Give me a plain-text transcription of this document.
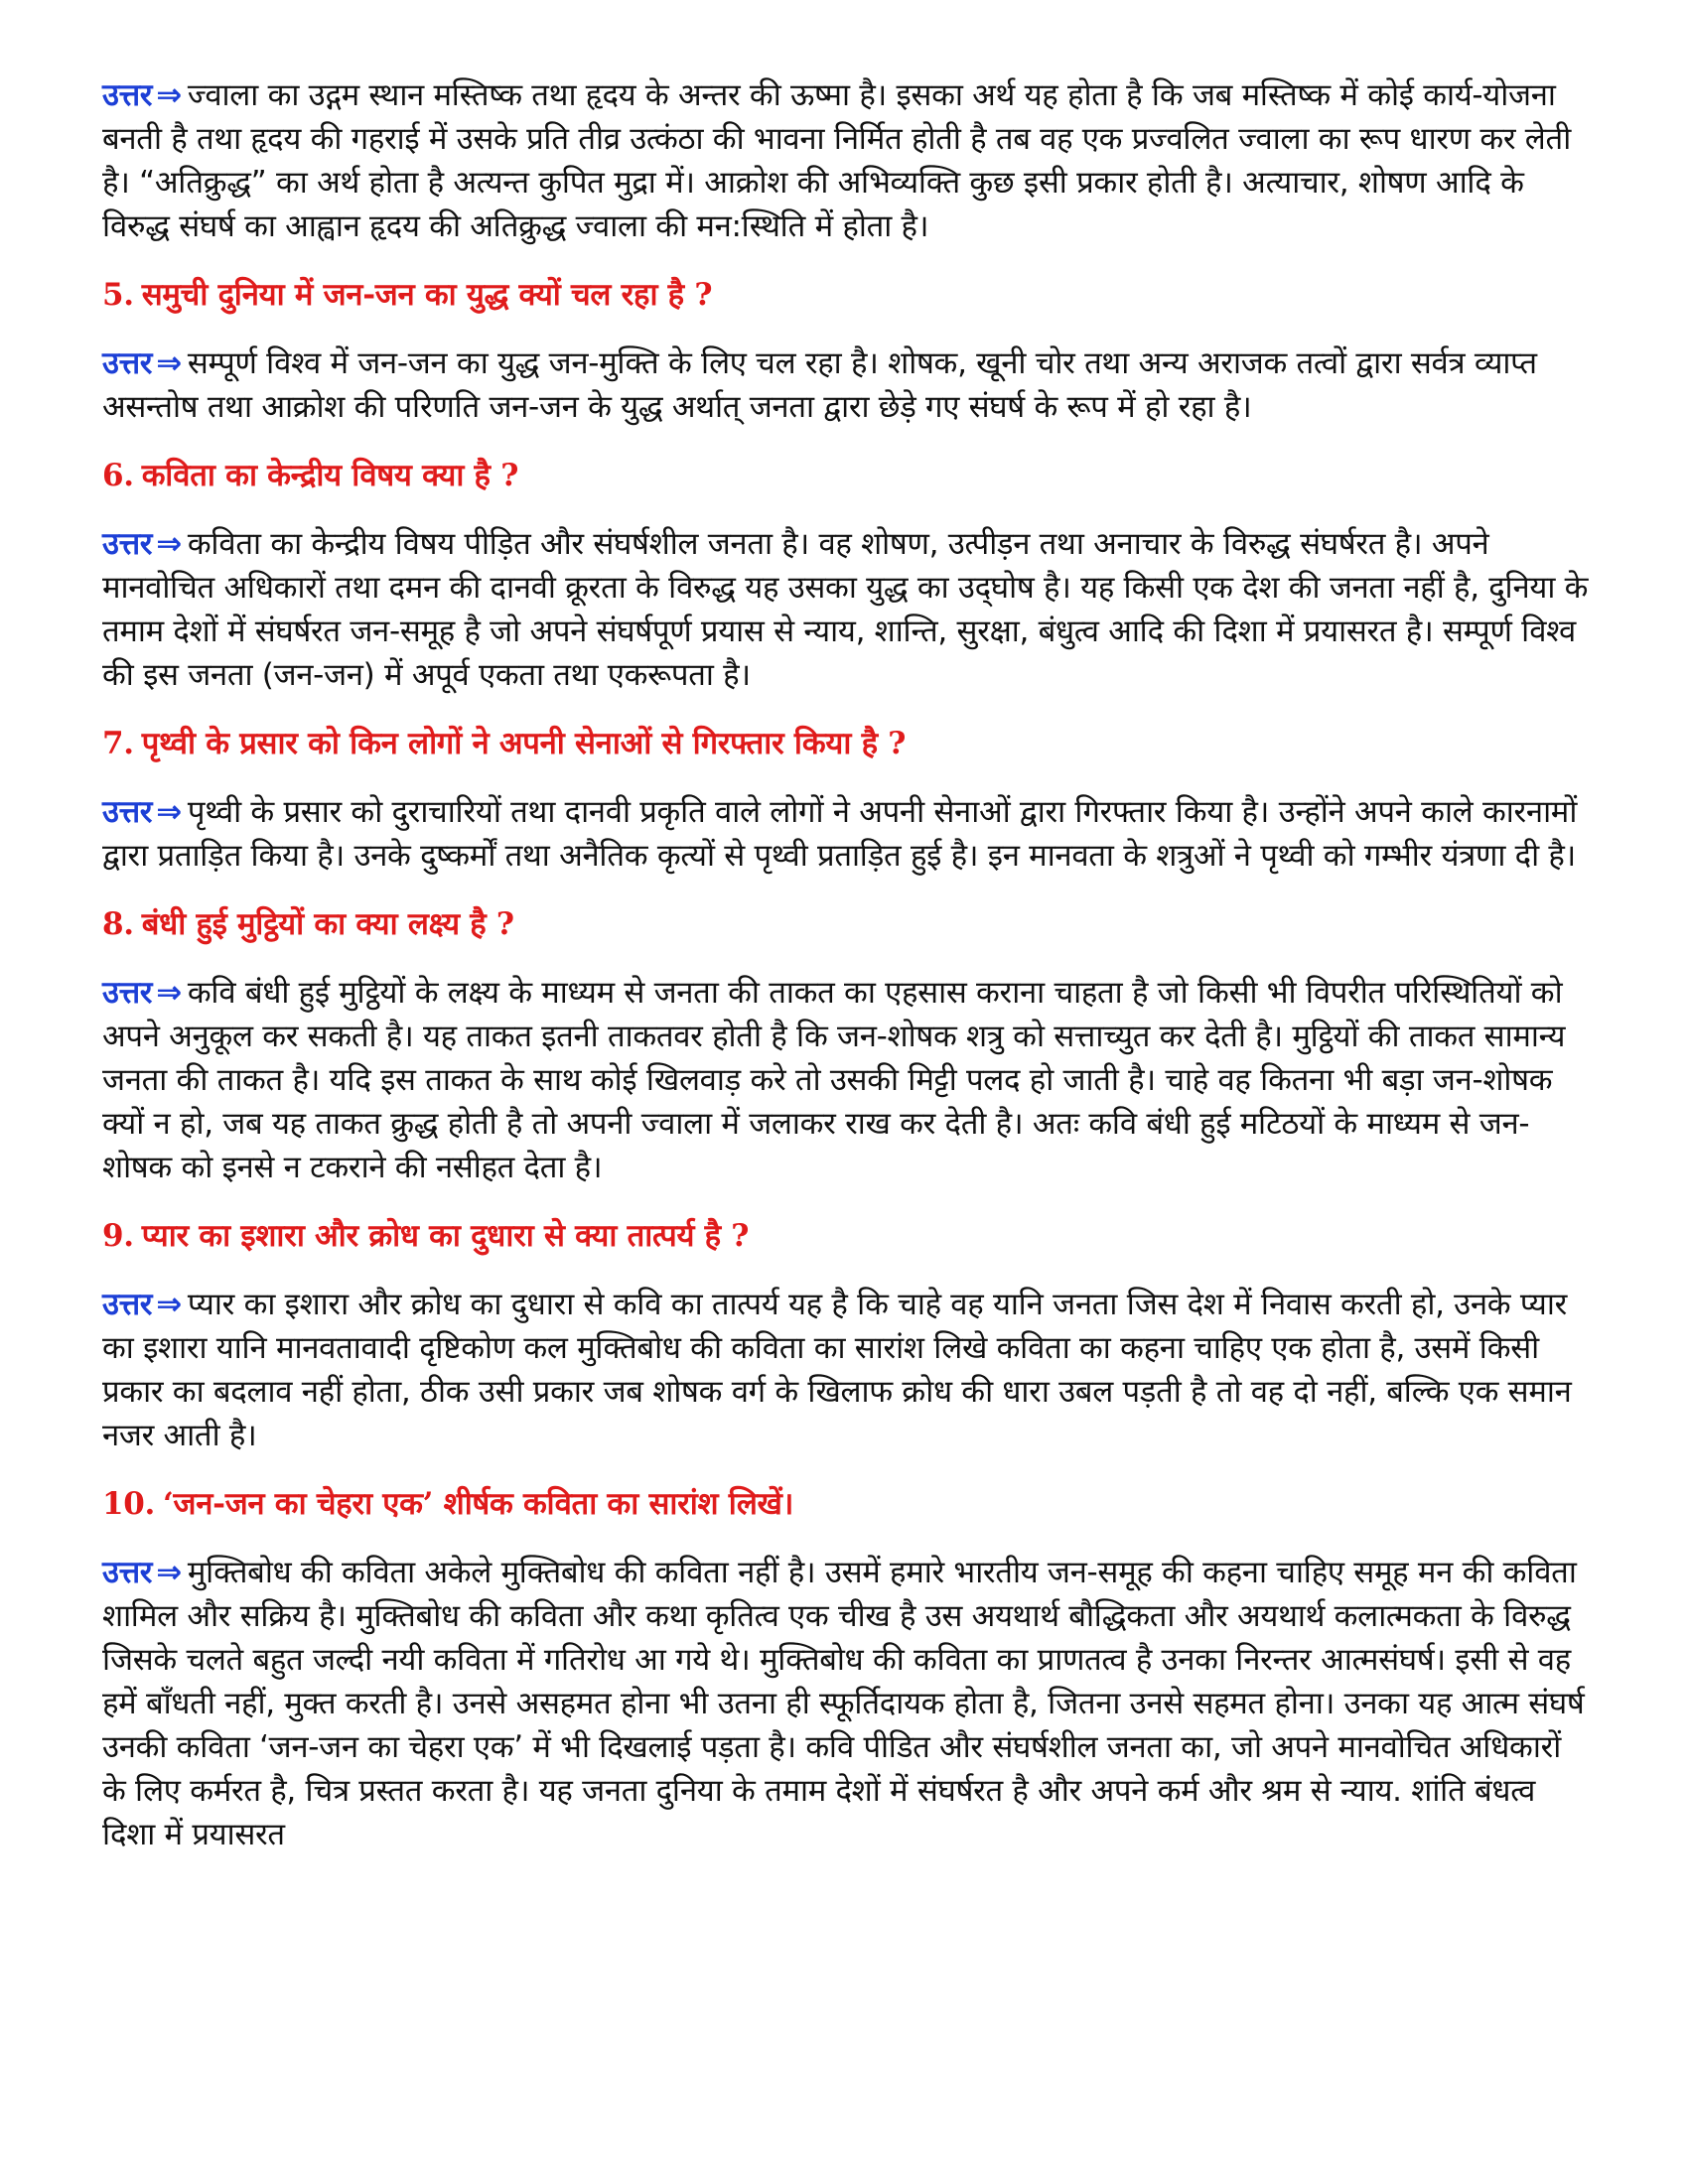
उत्तर ⇒ ज्वाला का उद्गम स्थान मस्तिष्क तथा हृदय के अन्तर की ऊष्मा है। इसका अर्थ यह होता है कि जब मस्तिष्क में कोई कार्य-योजना बनती है तथा हृदय की गहराई में उसके प्रति तीव्र उत्कंठा की भावना निर्मित होती है तब वह एक प्रज्वलित ज्वाला का रूप धारण कर लेती है। “अतिक्रुद्ध” का अर्थ होता है अत्यन्त कुपित मुद्रा में। आक्रोश की अभिव्यक्ति कुछ इसी प्रकार होती है। अत्याचार, शोषण आदि के विरुद्ध संघर्ष का आह्वान हृदय की अतिक्रुद्ध ज्वाला की मन:स्थिति में होता है।

5. समुची दुनिया में जन-जन का युद्ध क्यों चल रहा है ?

उत्तर ⇒ सम्पूर्ण विश्व में जन-जन का युद्ध जन-मुक्ति के लिए चल रहा है। शोषक, खूनी चोर तथा अन्य अराजक तत्वों द्वारा सर्वत्र व्याप्त असन्तोष तथा आक्रोश की परिणति जन-जन के युद्ध अर्थात् जनता द्वारा छेड़े गए संघर्ष के रूप में हो रहा है।

6. कविता का केन्द्रीय विषय क्या है ?

उत्तर ⇒ कविता का केन्द्रीय विषय पीड़ित और संघर्षशील जनता है। वह शोषण, उत्पीड़न तथा अनाचार के विरुद्ध संघर्षरत है। अपने मानवोचित अधिकारों तथा दमन की दानवी क्रूरता के विरुद्ध यह उसका युद्ध का उद्‌घोष है। यह किसी एक देश की जनता नहीं है, दुनिया के तमाम देशों में संघर्षरत जन-समूह है जो अपने संघर्षपूर्ण प्रयास से न्याय, शान्ति, सुरक्षा, बंधुत्व आदि की दिशा में प्रयासरत है। सम्पूर्ण विश्व की इस जनता (जन-जन) में अपूर्व एकता तथा एकरूपता है।

7. पृथ्वी के प्रसार को किन लोगों ने अपनी सेनाओं से गिरफ्तार किया है ?

उत्तर ⇒ पृथ्वी के प्रसार को दुराचारियों तथा दानवी प्रकृति वाले लोगों ने अपनी सेनाओं द्वारा गिरफ्तार किया है। उन्होंने अपने काले कारनामों द्वारा प्रताड़ित किया है। उनके दुष्कर्मों तथा अनैतिक कृत्यों से पृथ्वी प्रताड़ित हुई है। इन मानवता के शत्रुओं ने पृथ्वी को गम्भीर यंत्रणा दी है।

8. बंधी हुई मुट्ठियों का क्या लक्ष्य है ?

उत्तर ⇒ कवि बंधी हुई मुट्ठियों के लक्ष्य के माध्यम से जनता की ताकत का एहसास कराना चाहता है जो किसी भी विपरीत परिस्थितियों को अपने अनुकूल कर सकती है। यह ताकत इतनी ताकतवर होती है कि जन-शोषक शत्रु को सत्ताच्युत कर देती है। मुट्ठियों की ताकत सामान्य जनता की ताकत है। यदि इस ताकत के साथ कोई खिलवाड़ करे तो उसकी मिट्टी पलद हो जाती है। चाहे वह कितना भी बड़ा जन-शोषक क्यों न हो, जब यह ताकत क्रुद्ध होती है तो अपनी ज्वाला में जलाकर राख कर देती है। अतः कवि बंधी हुई मटिठयों के माध्यम से जन-शोषक को इनसे न टकराने की नसीहत देता है।

9. प्यार का इशारा और क्रोध का दुधारा से क्या तात्पर्य है ?

उत्तर ⇒ प्यार का इशारा और क्रोध का दुधारा से कवि का तात्पर्य यह है कि चाहे वह यानि जनता जिस देश में निवास करती हो, उनके प्यार का इशारा यानि मानवतावादी दृष्टिकोण कल मुक्तिबोध की कविता का सारांश लिखे कविता का कहना चाहिए एक होता है, उसमें किसी प्रकार का बदलाव नहीं होता, ठीक उसी प्रकार जब शोषक वर्ग के खिलाफ क्रोध की धारा उबल पड़ती है तो वह दो नहीं, बल्कि एक समान नजर आती है।

10. ‘जन-जन का चेहरा एक’ शीर्षक कविता का सारांश लिखें।

उत्तर ⇒ मुक्तिबोध की कविता अकेले मुक्तिबोध की कविता नहीं है। उसमें हमारे भारतीय जन-समूह की कहना चाहिए समूह मन की कविता शामिल और सक्रिय है। मुक्तिबोध की कविता और कथा कृतित्व एक चीख है उस अयथार्थ बौद्धिकता और अयथार्थ कलात्मकता के विरुद्ध जिसके चलते बहुत जल्दी नयी कविता में गतिरोध आ गये थे। मुक्तिबोध की कविता का प्राणतत्व है उनका निरन्तर आत्मसंघर्ष। इसी से वह हमें बाँधती नहीं, मुक्त करती है। उनसे असहमत होना भी उतना ही स्फूर्तिदायक होता है, जितना उनसे सहमत होना। उनका यह आत्म संघर्ष उनकी कविता ‘जन-जन का चेहरा एक’ में भी दिखलाई पड़ता है। कवि पीडित और संघर्षशील जनता का, जो अपने मानवोचित अधिकारों के लिए कर्मरत है, चित्र प्रस्तत करता है। यह जनता दुनिया के तमाम देशों में संघर्षरत है और अपने कर्म और श्रम से न्याय. शांति बंधत्व दिशा में प्रयासरत
